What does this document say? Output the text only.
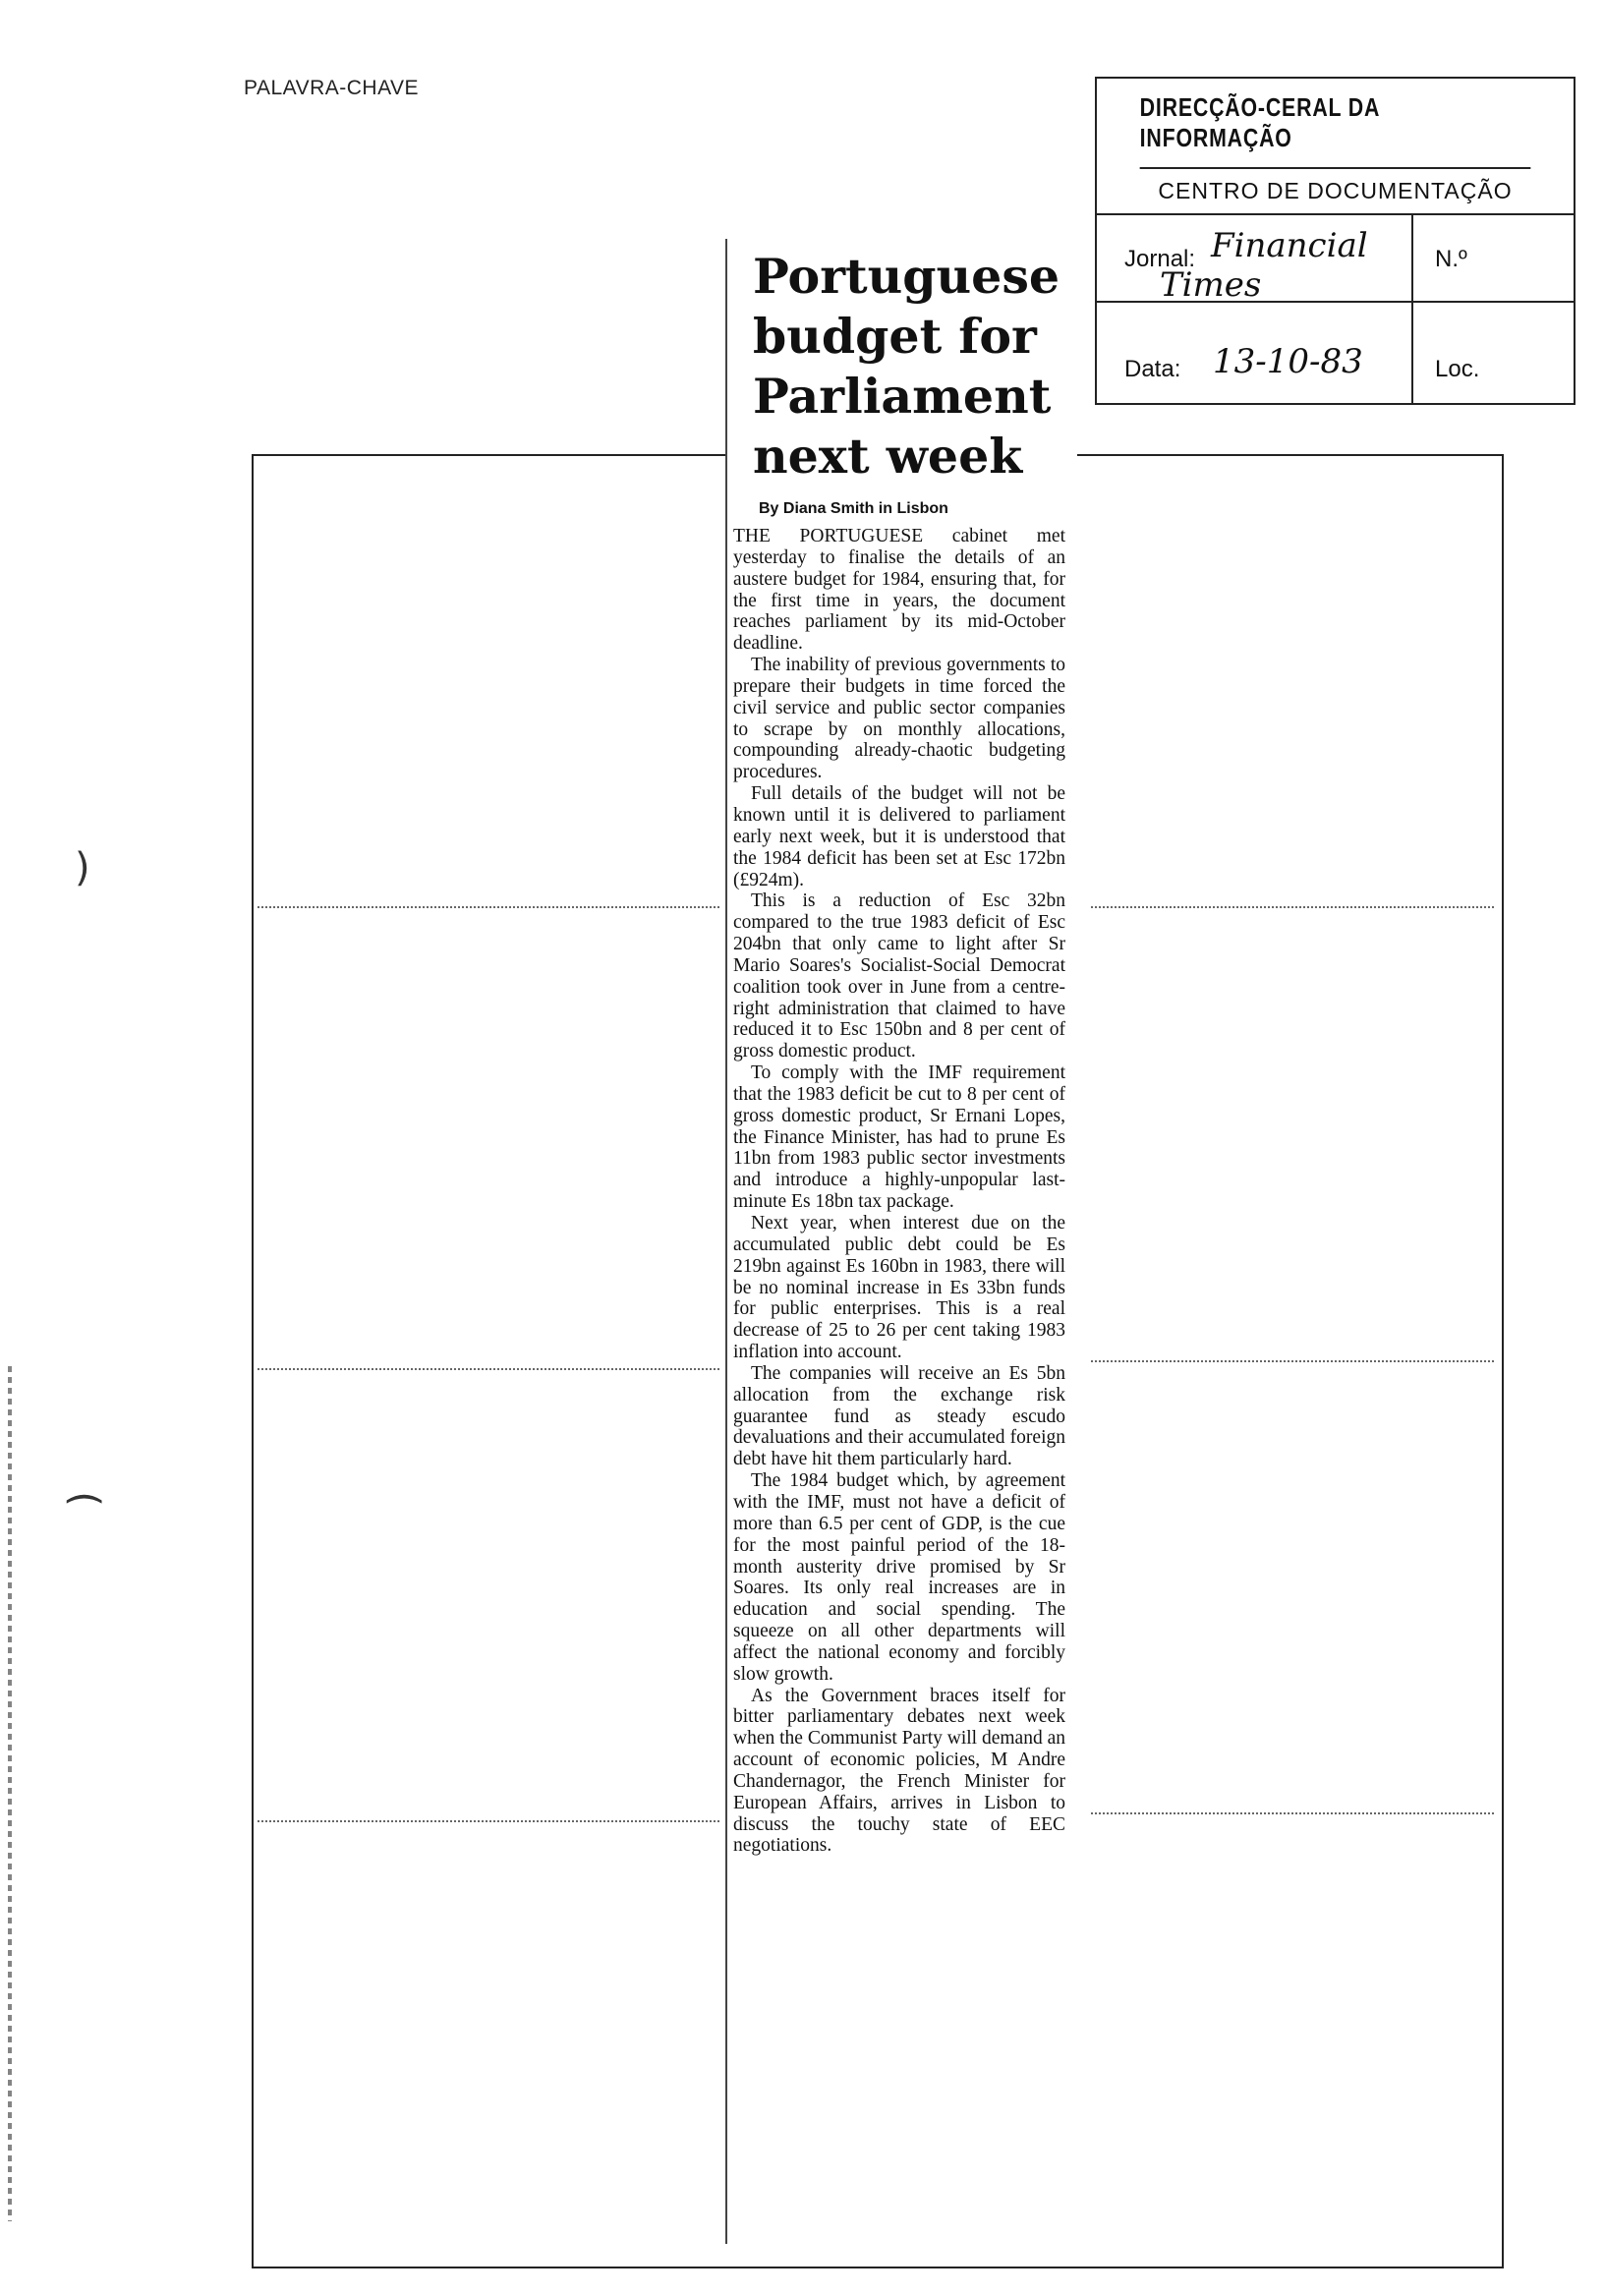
PALAVRA-CHAVE
DIRECÇÃO-CERAL DA INFORMAÇÃO
CENTRO DE DOCUMENTAÇÃO
Jornal: Financial
Times
N.º
Data: 13-10-83	Loc.
Portuguese
budget for
Parliament
next week
By Diana Smith in Lisbon

THE PORTUGUESE cabinet met yesterday to finalise the details of an austere budget for 1984, ensuring that, for the first time in years, the document reaches parliament by its mid-October deadline.

The inability of previous governments to prepare their budgets in time forced the civil service and public sector companies to scrape by on monthly allocations, compounding already-chaotic budgeting procedures.

Full details of the budget will not be known until it is delivered to parliament early next week, but it is understood that the 1984 deficit has been set at Esc 172bn (£924m).

This is a reduction of Esc 32bn compared to the true 1983 deficit of Esc 204bn that only came to light after Sr Mario Soares's Socialist-Social Democrat coalition took over in June from a centre-right administration that claimed to have reduced it to Esc 150bn and 8 per cent of gross domestic product.

To comply with the IMF requirement that the 1983 deficit be cut to 8 per cent of gross domestic product, Sr Ernani Lopes, the Finance Minister, has had to prune Es 11bn from 1983 public sector investments and introduce a highly-unpopular last-minute Es 18bn tax package.

Next year, when interest due on the accumulated public debt could be Es 219bn against Es 160bn in 1983, there will be no nominal increase in Es 33bn funds for public enterprises. This is a real decrease of 25 to 26 per cent taking 1983 inflation into account.

The companies will receive an Es 5bn allocation from the exchange risk guarantee fund as steady escudo devaluations and their accumulated foreign debt have hit them particularly hard.

The 1984 budget which, by agreement with the IMF, must not have a deficit of more than 6.5 per cent of GDP, is the cue for the most painful period of the 18-month austerity drive promised by Sr Soares. Its only real increases are in education and social spending. The squeeze on all other departments will affect the national economy and forcibly slow growth.

As the Government braces itself for bitter parliamentary debates next week when the Communist Party will demand an account of economic policies, M Andre Chandernagor, the French Minister for European Affairs, arrives in Lisbon to discuss the touchy state of EEC negotiations.

)
(
